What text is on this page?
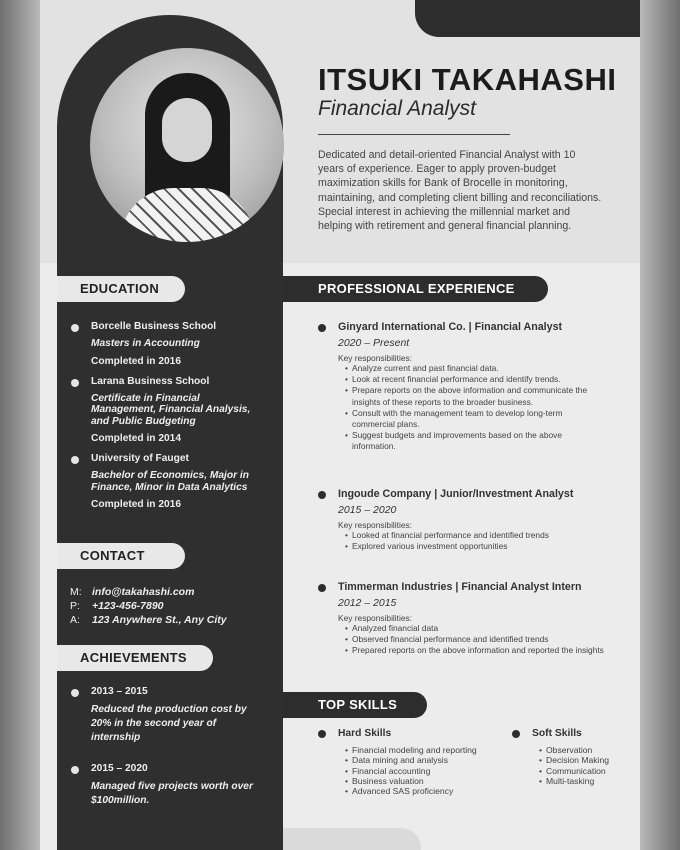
ITSUKI TAKAHASHI
Financial Analyst
Dedicated and detail-oriented Financial Analyst with 10 years of experience. Eager to apply proven-budget maximization skills for Bank of Brocelle in monitoring, maintaining, and completing client billing and reconciliations. Special interest in achieving the millennial market and helping with retirement and general financial planning.
EDUCATION
Borcelle Business School
Masters in Accounting
Completed in 2016
Larana Business School
Certificate in Financial Management, Financial Analysis, and Public Budgeting
Completed in 2014
University of Fauget
Bachelor of Economics, Major in Finance, Minor in Data Analytics
Completed in 2016
CONTACT
M: info@takahashi.com
P: +123-456-7890
A: 123 Anywhere St., Any City
ACHIEVEMENTS
2013 – 2015
Reduced the production cost by 20% in the second year of internship
2015 – 2020
Managed five projects worth over $100million.
PROFESSIONAL EXPERIENCE
Ginyard International Co. | Financial Analyst
2020 – Present
Key responsibilities:
• Analyze current and past financial data.
• Look at recent financial performance and identify trends.
• Prepare reports on the above information and communicate the insights of these reports to the broader business.
• Consult with the management team to develop long-term commercial plans.
• Suggest budgets and improvements based on the above information.
Ingoude Company | Junior/Investment Analyst
2015 – 2020
Key responsibilities:
• Looked at financial performance and identified trends
• Explored various investment opportunities
Timmerman Industries | Financial Analyst Intern
2012 – 2015
Key responsibilities:
• Analyzed financial data
• Observed financial performance and identified trends
• Prepared reports on the above information and reported the insights
TOP SKILLS
Hard Skills
• Financial modeling and reporting
• Data mining and analysis
• Financial accounting
• Business valuation
• Advanced SAS proficiency
Soft Skills
• Observation
• Decision Making
• Communication
• Multi-tasking
